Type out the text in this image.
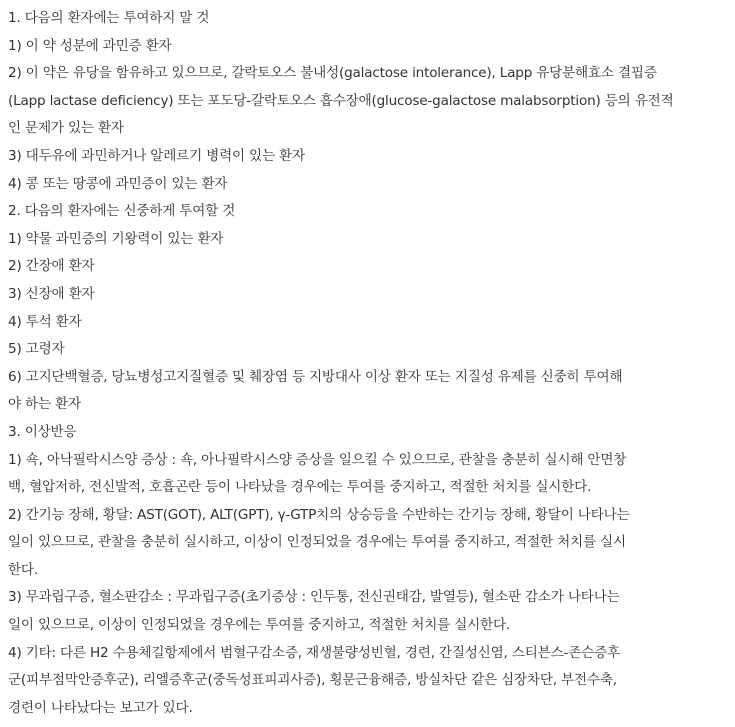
1. 다음의 환자에는 투여하지 말 것
1) 이 약 성분에 과민증 환자
2) 이 약은 유당을 함유하고 있으므로, 갈락토오스 불내성(galactose intolerance), Lapp 유당분해효소 결핍증
(Lapp lactase deficiency) 또는 포도당-갈락토오스 흡수장애(glucose-galactose malabsorption) 등의 유전적
인 문제가 있는 환자
3) 대두유에 과민하거나 알레르기 병력이 있는 환자
4) 콩 또는 땅콩에 과민증이 있는 환자
2. 다음의 환자에는 신중하게 투여할 것
1) 약물 과민증의 기왕력이 있는 환자
2) 간장애 환자
3) 신장애 환자
4) 투석 환자
5) 고령자
6) 고지단백혈증, 당뇨병성고지질혈증 및 췌장염 등 지방대사 이상 환자 또는 지질성 유제를 신중히 투여해
야 하는 환자
3. 이상반응
1) 쇽, 아낙필락시스양 증상 : 쇽, 아나필락시스양 증상을 일으킬 수 있으므로, 관찰을 충분히 실시해 안면창
백, 혈압저하, 전신발적, 호흡곤란 등이 나타났을 경우에는 투여를 중지하고, 적절한 처치를 실시한다.
2) 간기능 장해, 황달: AST(GOT), ALT(GPT), γ-GTP치의 상승등을 수반하는 간기능 장해, 황달이 나타나는
일이 있으므로, 관찰을 충분히 실시하고, 이상이 인정되었을 경우에는 투여를 중지하고, 적절한 처치를 실시
한다.
3) 무과립구증, 혈소판감소 : 무과립구증(초기증상 : 인두통, 전신권태감, 발열등), 혈소판 감소가 나타나는
일이 있으므로, 이상이 인정되었을 경우에는 투여를 중지하고, 적절한 처치를 실시한다.
4) 기타: 다른 H2 수용체길항제에서 범혈구감소증, 재생불량성빈혈, 경련, 간질성신염, 스티븐스-존슨증후
군(피부점막안증후군), 리엘증후군(중독성표피괴사증), 횡문근융해증, 방실차단 같은 심장차단, 부전수축,
경련이 나타났다는 보고가 있다.
